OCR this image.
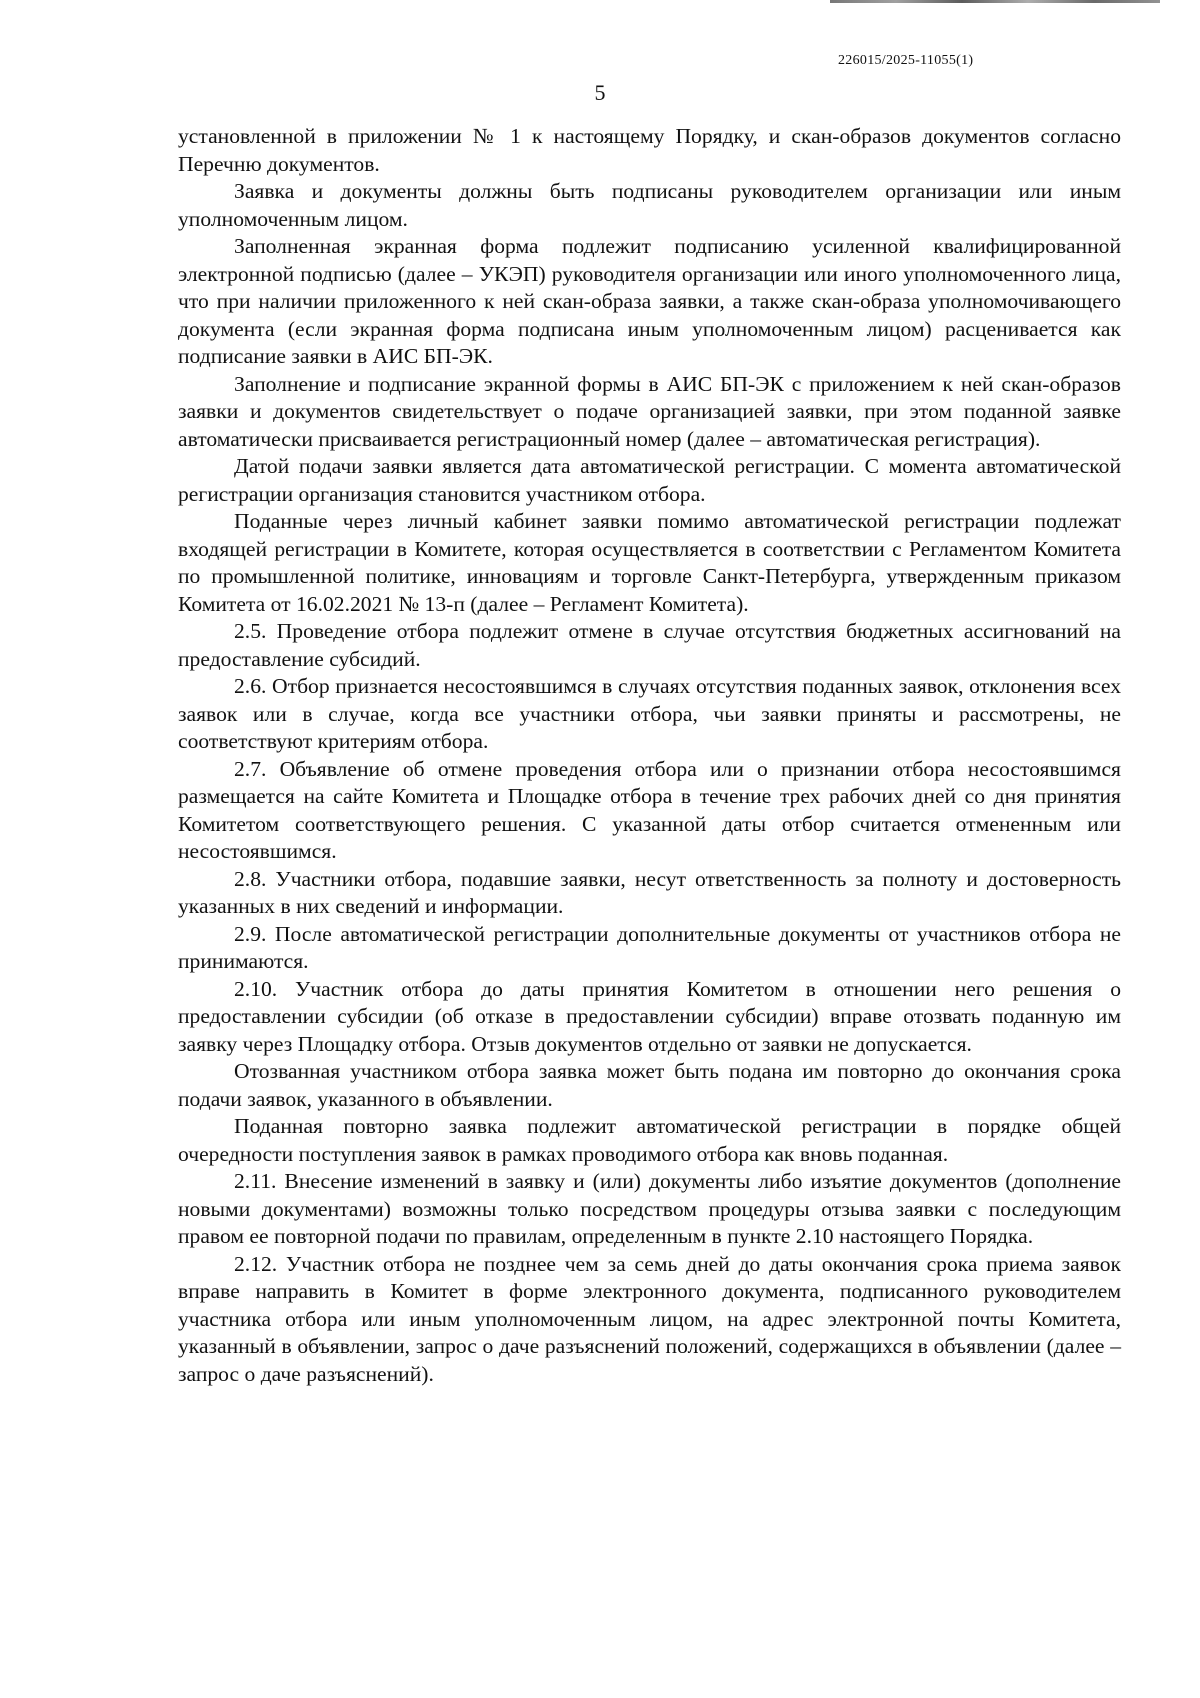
226015/2025-11055(1)
5

установленной в приложении № 1 к настоящему Порядку, и скан-образов документов согласно Перечню документов.

Заявка и документы должны быть подписаны руководителем организации или иным уполномоченным лицом.

Заполненная экранная форма подлежит подписанию усиленной квалифицированной электронной подписью (далее – УКЭП) руководителя организации или иного уполномоченного лица, что при наличии приложенного к ней скан-образа заявки, а также скан-образа уполномочивающего документа (если экранная форма подписана иным уполномоченным лицом) расценивается как подписание заявки в АИС БП-ЭК.

Заполнение и подписание экранной формы в АИС БП-ЭК с приложением к ней скан-образов заявки и документов свидетельствует о подаче организацией заявки, при этом поданной заявке автоматически присваивается регистрационный номер (далее – автоматическая регистрация).

Датой подачи заявки является дата автоматической регистрации. С момента автоматической регистрации организация становится участником отбора.

Поданные через личный кабинет заявки помимо автоматической регистрации подлежат входящей регистрации в Комитете, которая осуществляется в соответствии с Регламентом Комитета по промышленной политике, инновациям и торговле Санкт-Петербурга, утвержденным приказом Комитета от 16.02.2021 № 13-п (далее – Регламент Комитета).

2.5. Проведение отбора подлежит отмене в случае отсутствия бюджетных ассигнований на предоставление субсидий.

2.6. Отбор признается несостоявшимся в случаях отсутствия поданных заявок, отклонения всех заявок или в случае, когда все участники отбора, чьи заявки приняты и рассмотрены, не соответствуют критериям отбора.

2.7. Объявление об отмене проведения отбора или о признании отбора несостоявшимся размещается на сайте Комитета и Площадке отбора в течение трех рабочих дней со дня принятия Комитетом соответствующего решения. С указанной даты отбор считается отмененным или несостоявшимся.

2.8. Участники отбора, подавшие заявки, несут ответственность за полноту и достоверность указанных в них сведений и информации.

2.9. После автоматической регистрации дополнительные документы от участников отбора не принимаются.

2.10. Участник отбора до даты принятия Комитетом в отношении него решения о предоставлении субсидии (об отказе в предоставлении субсидии) вправе отозвать поданную им заявку через Площадку отбора. Отзыв документов отдельно от заявки не допускается.

Отозванная участником отбора заявка может быть подана им повторно до окончания срока подачи заявок, указанного в объявлении.

Поданная повторно заявка подлежит автоматической регистрации в порядке общей очередности поступления заявок в рамках проводимого отбора как вновь поданная.

2.11. Внесение изменений в заявку и (или) документы либо изъятие документов (дополнение новыми документами) возможны только посредством процедуры отзыва заявки с последующим правом ее повторной подачи по правилам, определенным в пункте 2.10 настоящего Порядка.

2.12. Участник отбора не позднее чем за семь дней до даты окончания срока приема заявок вправе направить в Комитет в форме электронного документа, подписанного руководителем участника отбора или иным уполномоченным лицом, на адрес электронной почты Комитета, указанный в объявлении, запрос о даче разъяснений положений, содержащихся в объявлении (далее – запрос о даче разъяснений).
